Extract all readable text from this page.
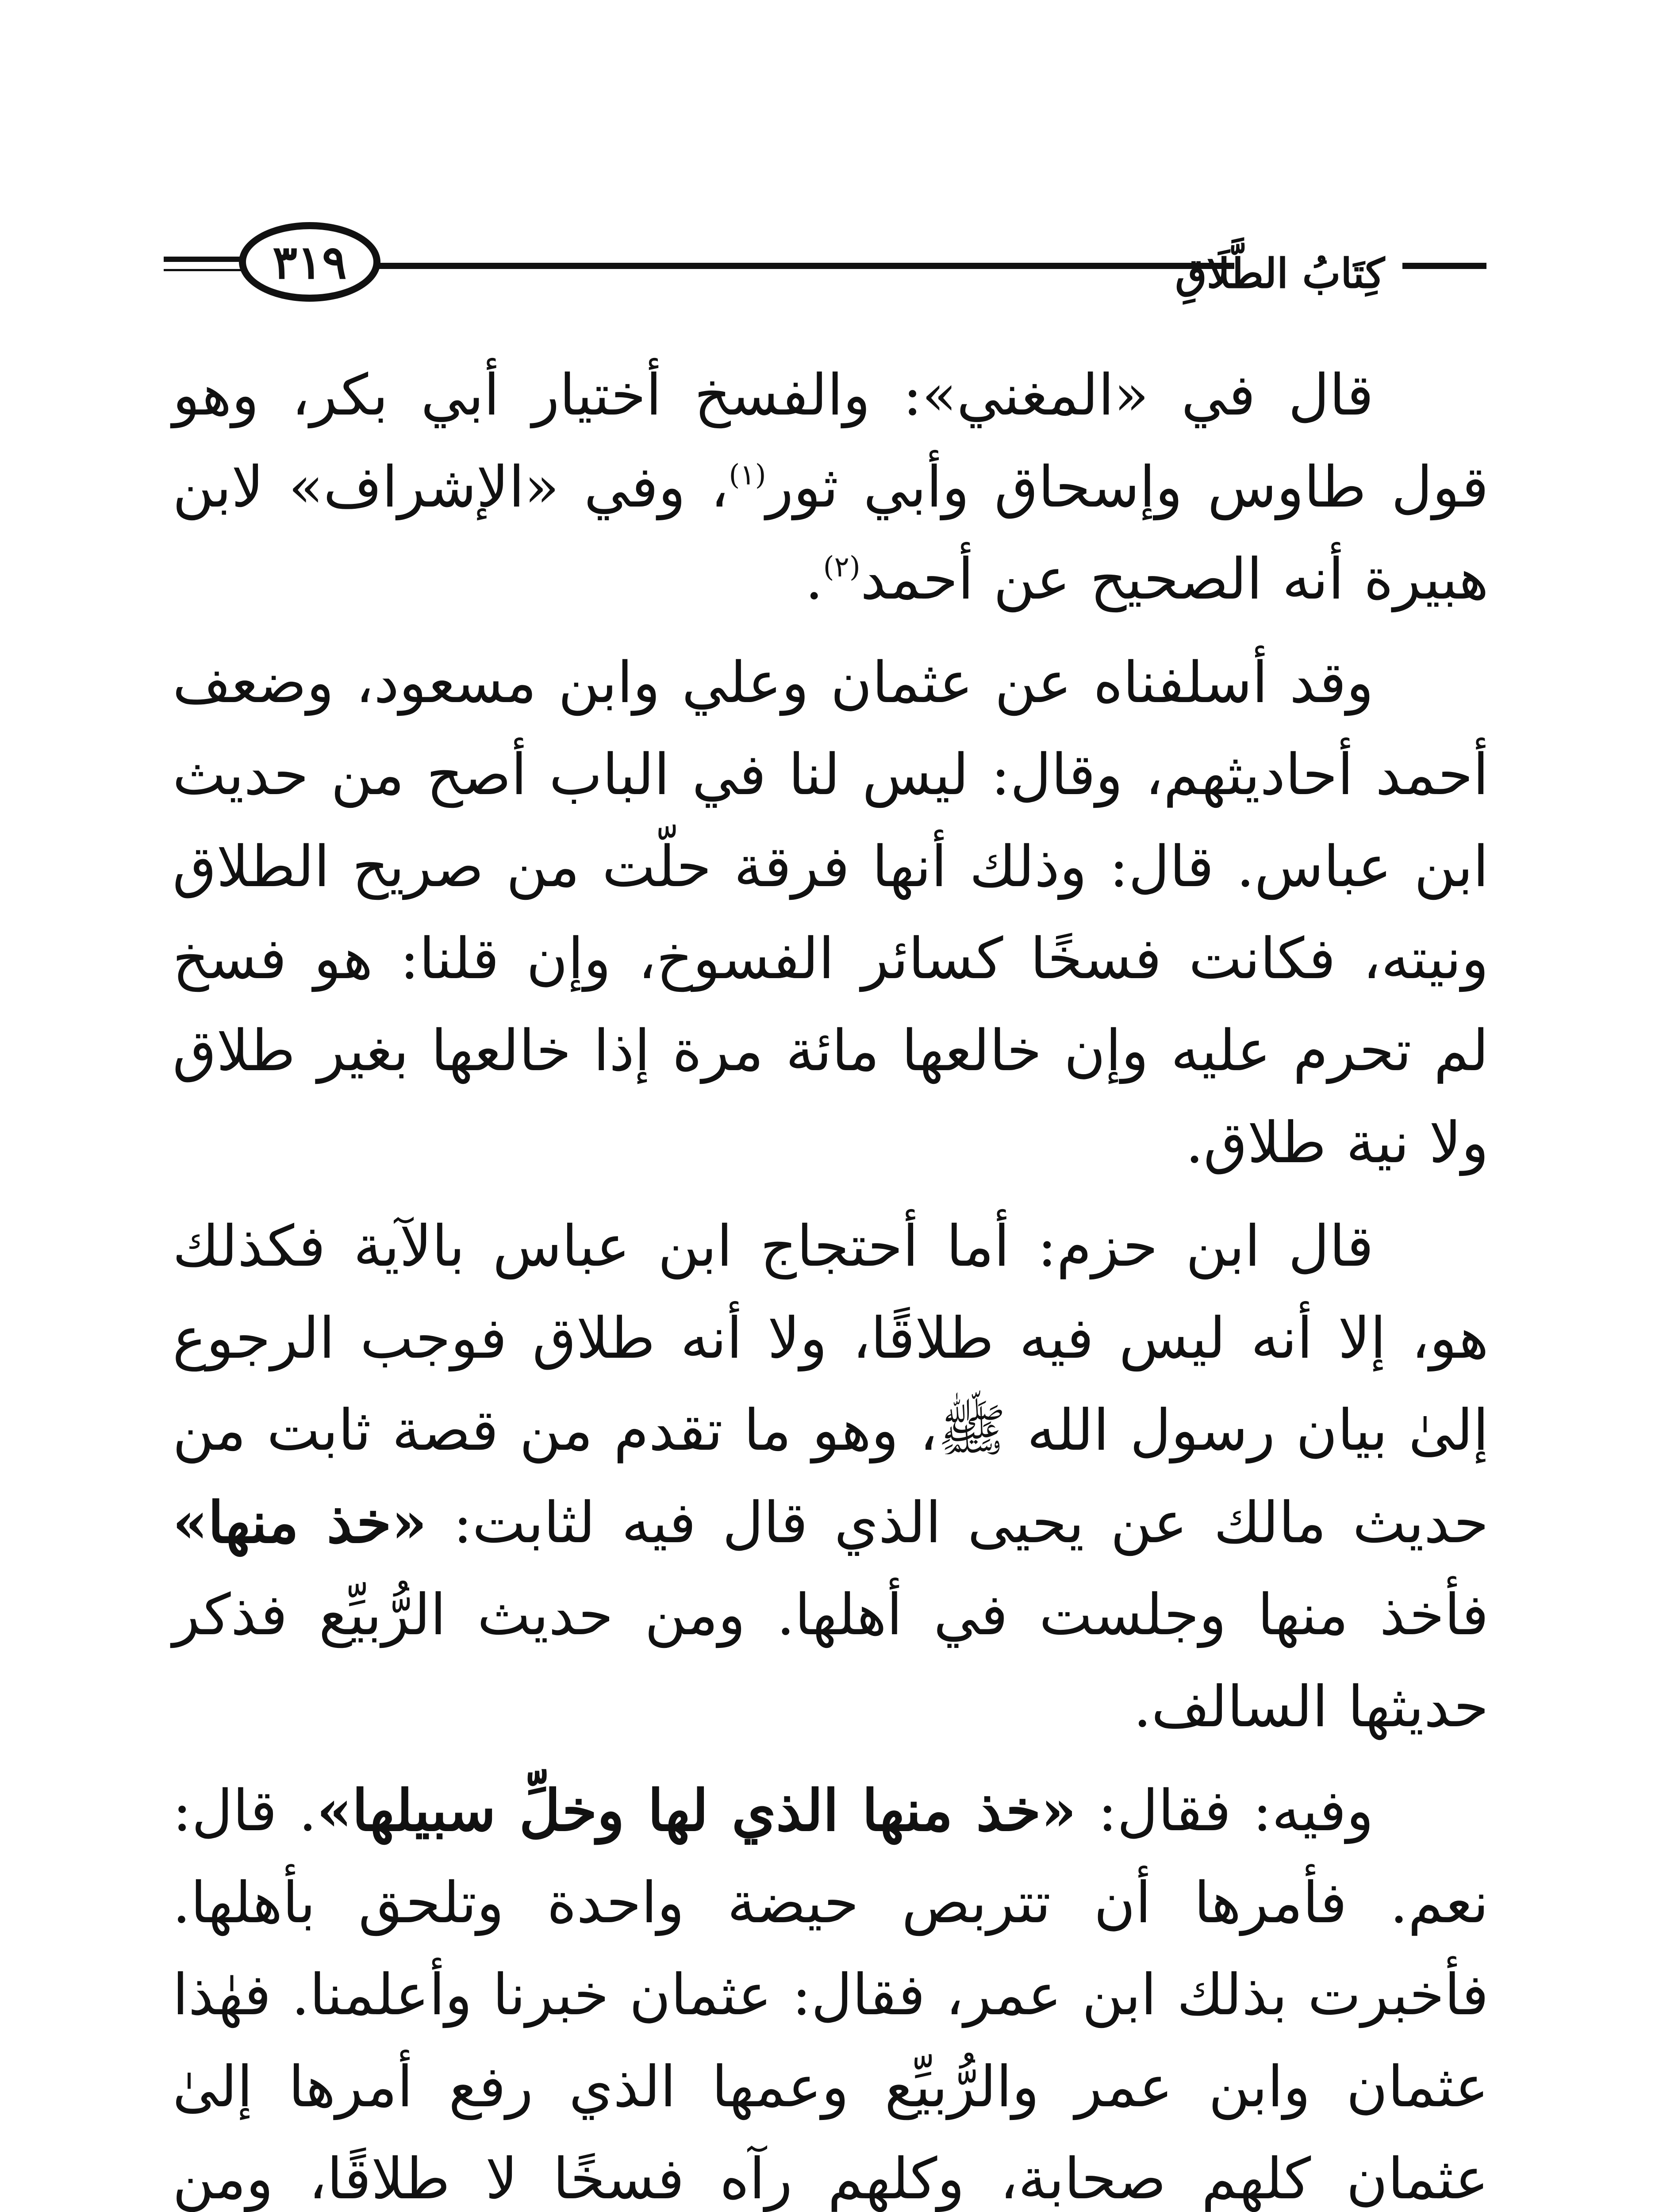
كِتَابُ الطَّلَاقِ
٣١٩

قال في «المغني»: والفسخ أختيار أبي بكر، وهو قول طاوس وإسحاق وأبي ثور$^{(١)}$، وفي «الإشراف» لابن هبيرة أنه الصحيح عن أحمد$^{(٢)}$.

وقد أسلفناه عن عثمان وعلي وابن مسعود، وضعف أحمد أحاديثهم، وقال: ليس لنا في الباب أصح من حديث ابن عباس. قال: وذلك أنها فرقة حلّت من صريح الطلاق ونيته، فكانت فسخًا كسائر الفسوخ، وإن قلنا: هو فسخ لم تحرم عليه وإن خالعها مائة مرة إذا خالعها بغير طلاق ولا نية طلاق.

قال ابن حزم: أما أحتجاج ابن عباس بالآية فكذلك هو، إلا أنه ليس فيه طلاقًا، ولا أنه طلاق فوجب الرجوع إلىٰ بيان رسول الله ﷺ، وهو ما تقدم من قصة ثابت من حديث مالك عن يحيى الذي قال فيه لثابت: «خذ منها» فأخذ منها وجلست في أهلها. ومن حديث الرُّبيِّع فذكر حديثها السالف.

وفيه: فقال: «خذ منها الذي لها وخلِّ سبيلها». قال: نعم. فأمرها أن تتربص حيضة واحدة وتلحق بأهلها. فأخبرت بذلك ابن عمر، فقال: عثمان خبرنا وأعلمنا. فهٰذا عثمان وابن عمر والرُّبيِّع وعمها الذي رفع أمرها إلىٰ عثمان كلهم صحابة، وكلهم رآه فسخًا لا طلاقًا، ومن
